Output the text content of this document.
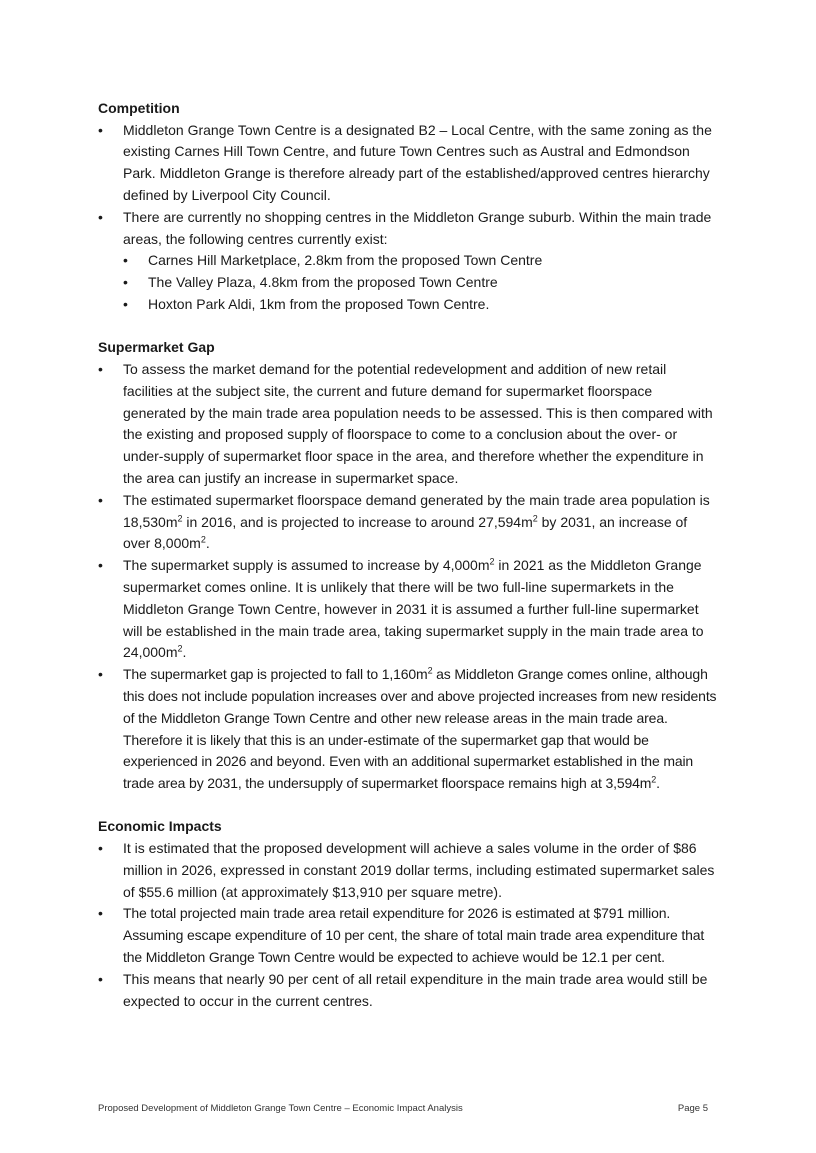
Competition

• Middleton Grange Town Centre is a designated B2 – Local Centre, with the same zoning as the existing Carnes Hill Town Centre, and future Town Centres such as Austral and Edmondson Park. Middleton Grange is therefore already part of the established/approved centres hierarchy defined by Liverpool City Council.
• There are currently no shopping centres in the Middleton Grange suburb. Within the main trade areas, the following centres currently exist:
• Carnes Hill Marketplace, 2.8km from the proposed Town Centre
• The Valley Plaza, 4.8km from the proposed Town Centre
• Hoxton Park Aldi, 1km from the proposed Town Centre.

Supermarket Gap

• To assess the market demand for the potential redevelopment and addition of new retail facilities at the subject site, the current and future demand for supermarket floorspace generated by the main trade area population needs to be assessed. This is then compared with the existing and proposed supply of floorspace to come to a conclusion about the over- or under-supply of supermarket floor space in the area, and therefore whether the expenditure in the area can justify an increase in supermarket space.
• The estimated supermarket floorspace demand generated by the main trade area population is $18,530m^2$ in 2016, and is projected to increase to around $27,594m^2$ by 2031, an increase of over $8,000m^2$.
• The supermarket supply is assumed to increase by $4,000m^2$ in 2021 as the Middleton Grange supermarket comes online. It is unlikely that there will be two full-line supermarkets in the Middleton Grange Town Centre, however in 2031 it is assumed a further full-line supermarket will be established in the main trade area, taking supermarket supply in the main trade area to $24,000m^2$.
• The supermarket gap is projected to fall to $1,160m^2$ as Middleton Grange comes online, although this does not include population increases over and above projected increases from new residents of the Middleton Grange Town Centre and other new release areas in the main trade area. Therefore it is likely that this is an under-estimate of the supermarket gap that would be experienced in 2026 and beyond. Even with an additional supermarket established in the main trade area by 2031, the undersupply of supermarket floorspace remains high at $3,594m^2$.

Economic Impacts

• It is estimated that the proposed development will achieve a sales volume in the order of $86 million in 2026, expressed in constant 2019 dollar terms, including estimated supermarket sales of $55.6 million (at approximately $13,910 per square metre).
• The total projected main trade area retail expenditure for 2026 is estimated at $791 million. Assuming escape expenditure of 10 per cent, the share of total main trade area expenditure that the Middleton Grange Town Centre would be expected to achieve would be 12.1 per cent.
• This means that nearly 90 per cent of all retail expenditure in the main trade area would still be expected to occur in the current centres.
Proposed Development of Middleton Grange Town Centre – Economic Impact Analysis	Page 5
